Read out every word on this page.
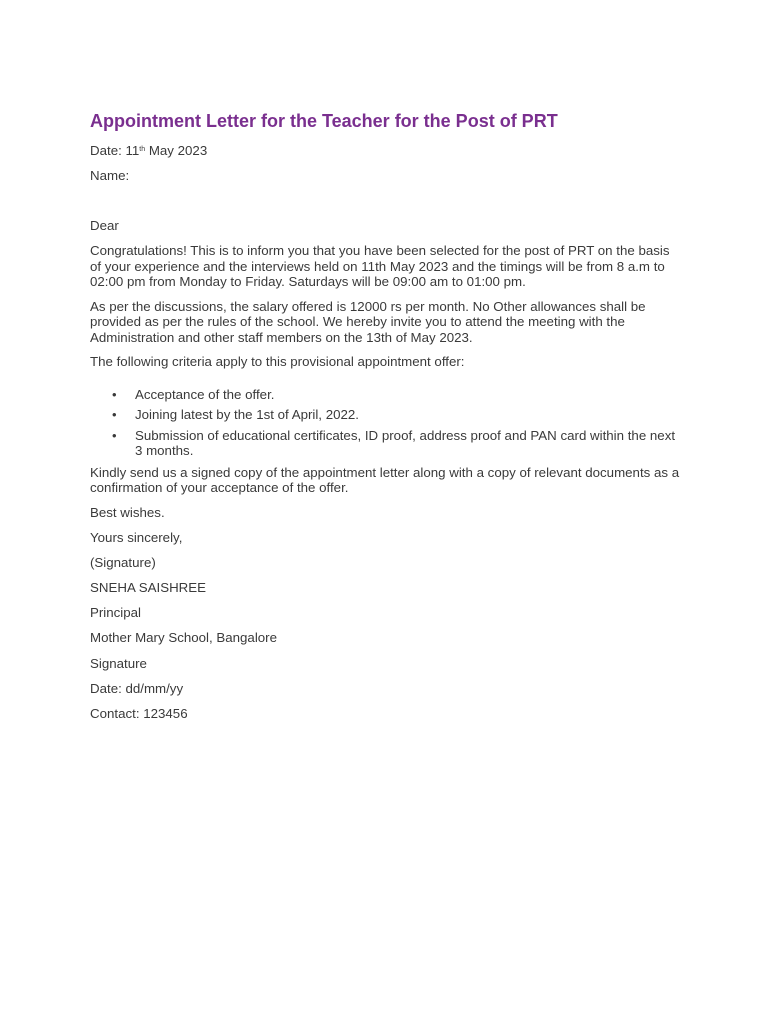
Appointment Letter for the Teacher for the Post of PRT

Date: 11th May 2023

Name:

Dear

Congratulations! This is to inform you that you have been selected for the post of PRT on the basis of your experience and the interviews held on 11th May 2023 and the timings will be from 8 a.m to 02:00 pm from Monday to Friday. Saturdays will be 09:00 am to 01:00 pm.

As per the discussions, the salary offered is 12000 rs per month. No Other allowances shall be provided as per the rules of the school. We hereby invite you to attend the meeting with the Administration and other staff members on the 13th of May 2023.

The following criteria apply to this provisional appointment offer:

• Acceptance of the offer.
• Joining latest by the 1st of April, 2022.
• Submission of educational certificates, ID proof, address proof and PAN card within the next 3 months.

Kindly send us a signed copy of the appointment letter along with a copy of relevant documents as a confirmation of your acceptance of the offer.

Best wishes.

Yours sincerely,

(Signature)

SNEHA SAISHREE

Principal

Mother Mary School, Bangalore

Signature

Date: dd/mm/yy

Contact: 123456
